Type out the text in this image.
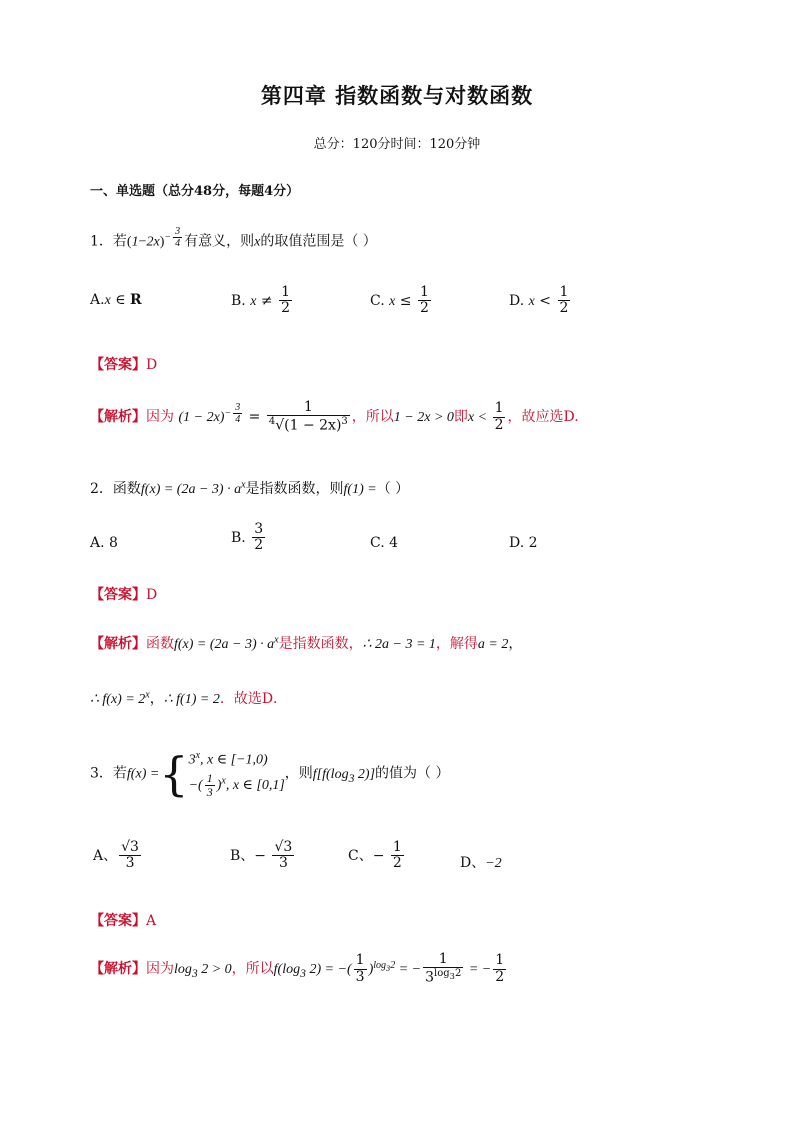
第四章 指数函数与对数函数
总分：120分时间：120分钟
一、单选题（总分48分，每题4分）
1．若$(1-2x)^{- \frac{3}{4}}$ 有意义，则x的取值范围是（ ）
A.x ∈ R	B. $x \ne \frac{1}{2}$	C. $x \le \frac{1}{2}$	D. $x < \frac{1}{2}$
【答案】D
【解析】因为 $(1 - 2x)^{- \frac{3}{4}} = \frac{1}{^4√(1 - 2x)^3}$ ，所以1 − 2x > 0即$x < \frac{1}{2}$ ，故应选D.
2．函数$f(x) = (2a - 3) \cdot a^x$是指数函数，则f(1) =（ ）
A. 8	B. $\frac{3}{2}$	C. 4	D. 2
【答案】D
【解析】函数$f(x) = (2a - 3) \cdot a^x$是指数函数，∴ 2a − 3 = 1，解得a = 2，
∴ $f(x) = 2^x$，∴ f(1) = 2．故选D．
3．若f(x) ={ 3$^x$, x ∈ [−1,0)
−( $\frac{1}{3} )^x$, x ∈ [0,1]
，则$f[f(\log_3$ 2)]的值为（ ）
A、 $\frac{√3}{3}$	B、− $\frac{√3}{3}$	C、− $\frac{1}{2}$	D、−2
【答案】A
【解析】因为$\log_3 2 > 0$，所以$f(\log_3$ 2) = −( $\frac{1}{3} )^{log_32}$ = − $\frac{1}{3^{log_32}}$ = − $\frac{1}{2}$
